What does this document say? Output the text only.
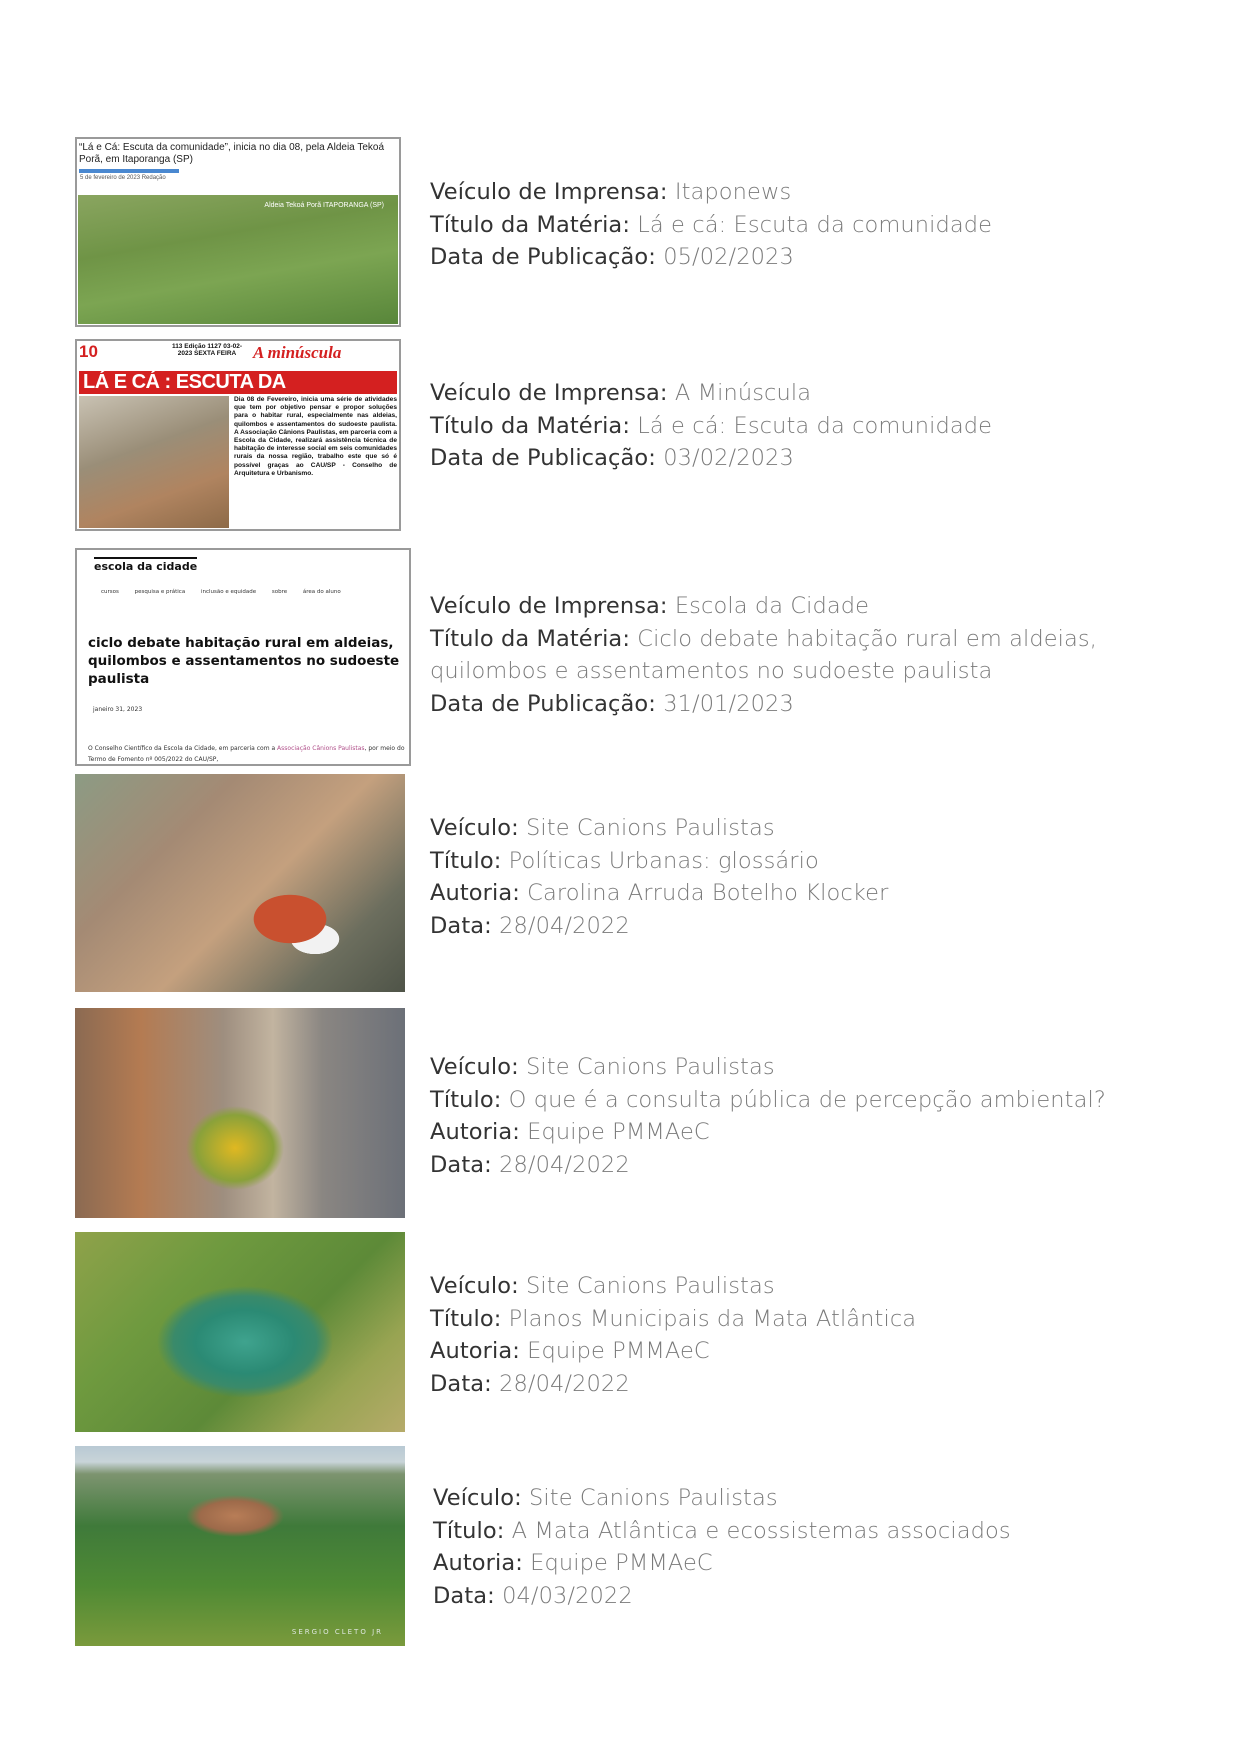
“Lá e Cá: Escuta da comunidade”, inicia no dia 08, pela Aldeia Tekoá Porã, em Itaporanga (SP)
5 de fevereiro de 2023 Redação
Aldeia Tekoá Porã ITAPORANGA (SP)
Veículo de Imprensa: Itaponews
Título da Matéria: Lá e cá: Escuta da comunidade
Data de Publicação: 05/02/2023
10	113 Edição 1127 03-02-2023 SEXTA FEIRA A minúscula
LÁ E CÁ : ESCUTA DA
Dia 08 de Fevereiro, inicia uma série de atividades que tem por objetivo pensar e propor soluções para o habitar rural, especialmente nas aldeias, quilombos e assentamentos do sudoeste paulista. A Associação Cânions Paulistas, em parceria com a Escola da Cidade, realizará assistência técnica de habitação de interesse social em seis comunidades rurais da nossa região, trabalho este que só é possível graças ao CAU/SP - Conselho de Arquitetura e Urbanismo.
Veículo de Imprensa: A Minúscula
Título da Matéria: Lá e cá: Escuta da comunidade
Data de Publicação: 03/02/2023
escola da cidade
cursos	pesquisa e prática	inclusão e equidade	sobre	área do aluno
ciclo debate habitação rural em aldeias, quilombos e assentamentos no sudoeste paulista
janeiro 31, 2023
O Conselho Científico da Escola da Cidade, em parceria com a Associação Cânions Paulistas, por meio do Termo de Fomento nº 005/2022 do CAU/SP,
Veículo de Imprensa: Escola da Cidade
Título da Matéria: Ciclo debate habitação rural em aldeias, quilombos e assentamentos no sudoeste paulista
Data de Publicação: 31/01/2023
Veículo: Site Canions Paulistas
Título: Políticas Urbanas: glossário
Autoria: Carolina Arruda Botelho Klocker
Data: 28/04/2022
Veículo: Site Canions Paulistas
Título: O que é a consulta pública de percepção ambiental?
Autoria: Equipe PMMAeC
Data: 28/04/2022
Veículo: Site Canions Paulistas
Título: Planos Municipais da Mata Atlântica
Autoria: Equipe PMMAeC
Data: 28/04/2022
SERGIO CLETO JR
Veículo: Site Canions Paulistas
Título: A Mata Atlântica e ecossistemas associados
Autoria: Equipe PMMAeC
Data: 04/03/2022
